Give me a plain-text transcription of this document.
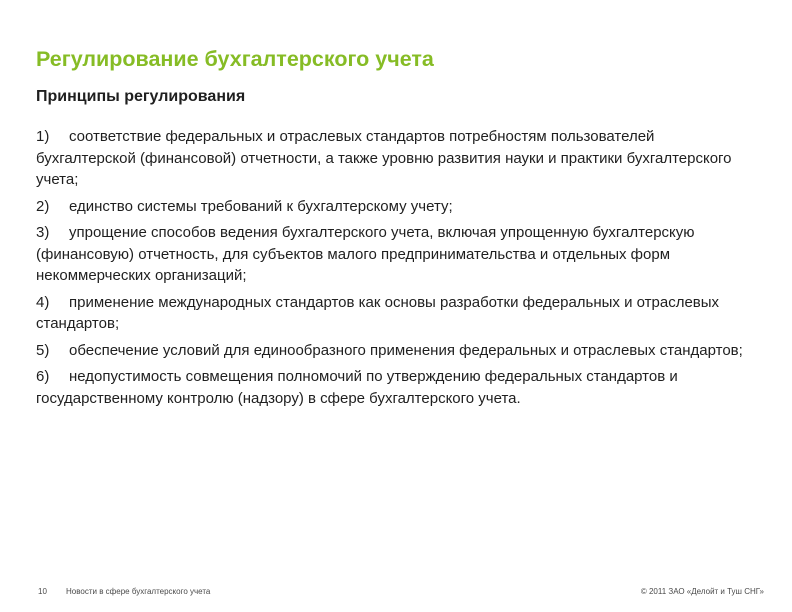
Регулирование бухгалтерского учета
Принципы регулирования
1) соответствие федеральных и отраслевых стандартов потребностям пользователей бухгалтерской (финансовой) отчетности, а также уровню развития науки и практики бухгалтерского учета;
2) единство системы требований к бухгалтерскому учету;
3) упрощение способов ведения бухгалтерского учета, включая упрощенную бухгалтерскую (финансовую) отчетность, для субъектов малого предпринимательства и отдельных форм некоммерческих организаций;
4) применение международных стандартов как основы разработки федеральных и отраслевых стандартов;
5) обеспечение условий для единообразного применения федеральных и отраслевых стандартов;
6) недопустимость совмещения полномочий по утверждению федеральных стандартов и государственному контролю (надзору) в сфере бухгалтерского учета.
10 Новости в сфере бухгалтерского учета	© 2011 ЗАО «Делойт и Туш СНГ»
